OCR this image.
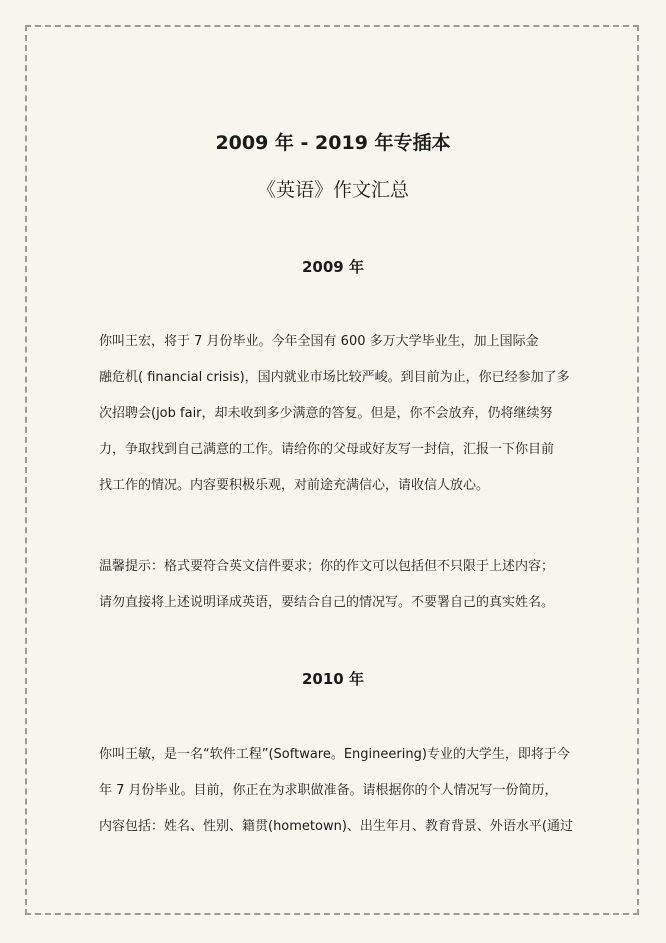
2009 年 - 2019 年专插本
《英语》作文汇总
2009 年

你叫王宏，将于 7 月份毕业。今年全国有 600 多万大学毕业生，加上国际金
融危机( financial crisis)，国内就业市场比较严峻。到目前为止，你已经参加了多
次招聘会(job fair，却未收到多少满意的答复。但是，你不会放弃，仍将继续努
力，争取找到自己满意的工作。请给你的父母或好友写一封信，汇报一下你目前
找工作的情况。内容要积极乐观，对前途充满信心，请收信人放心。

温馨提示：格式要符合英文信件要求；你的作文可以包括但不只限于上述内容；
请勿直接将上述说明译成英语，要结合自己的情况写。不要署自己的真实姓名。

2010 年

你叫王敏，是一名“软件工程”(Software。Engineering)专业的大学生，即将于今
年 7 月份毕业。目前，你正在为求职做准备。请根据你的个人情况写一份简历，
内容包括：姓名、性别、籍贯(hometown)、出生年月、教育背景、外语水平(通过
